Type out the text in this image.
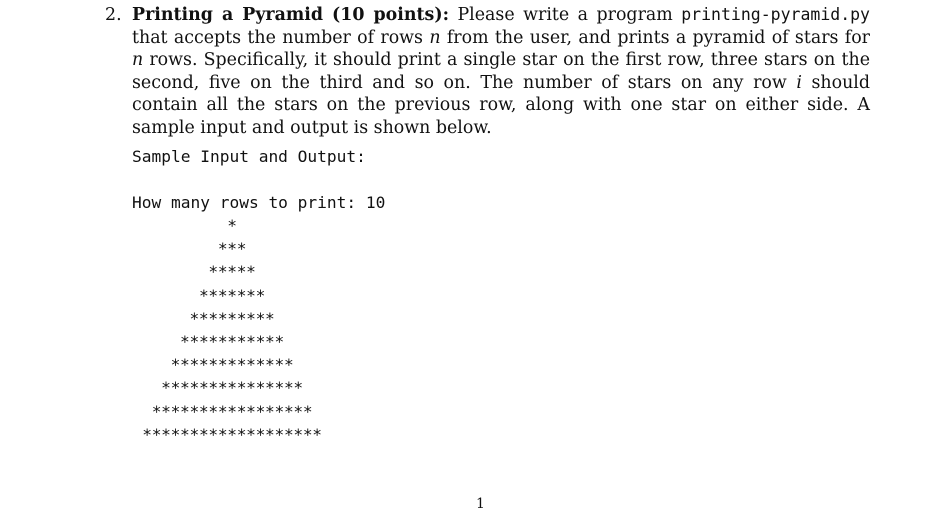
2. Printing a Pyramid (10 points): Please write a program printing-pyramid.py that accepts the number of rows n from the user, and prints a pyramid of stars for n rows. Specifically, it should print a single star on the first row, three stars on the second, five on the third and so on. The number of stars on any row i should contain all the stars on the previous row, along with one star on either side. A sample input and output is shown below.
Sample Input and Output:
How many rows to print: 10
*
***
*****
*******
*********
***********
*************
***************
*****************
*******************
1
